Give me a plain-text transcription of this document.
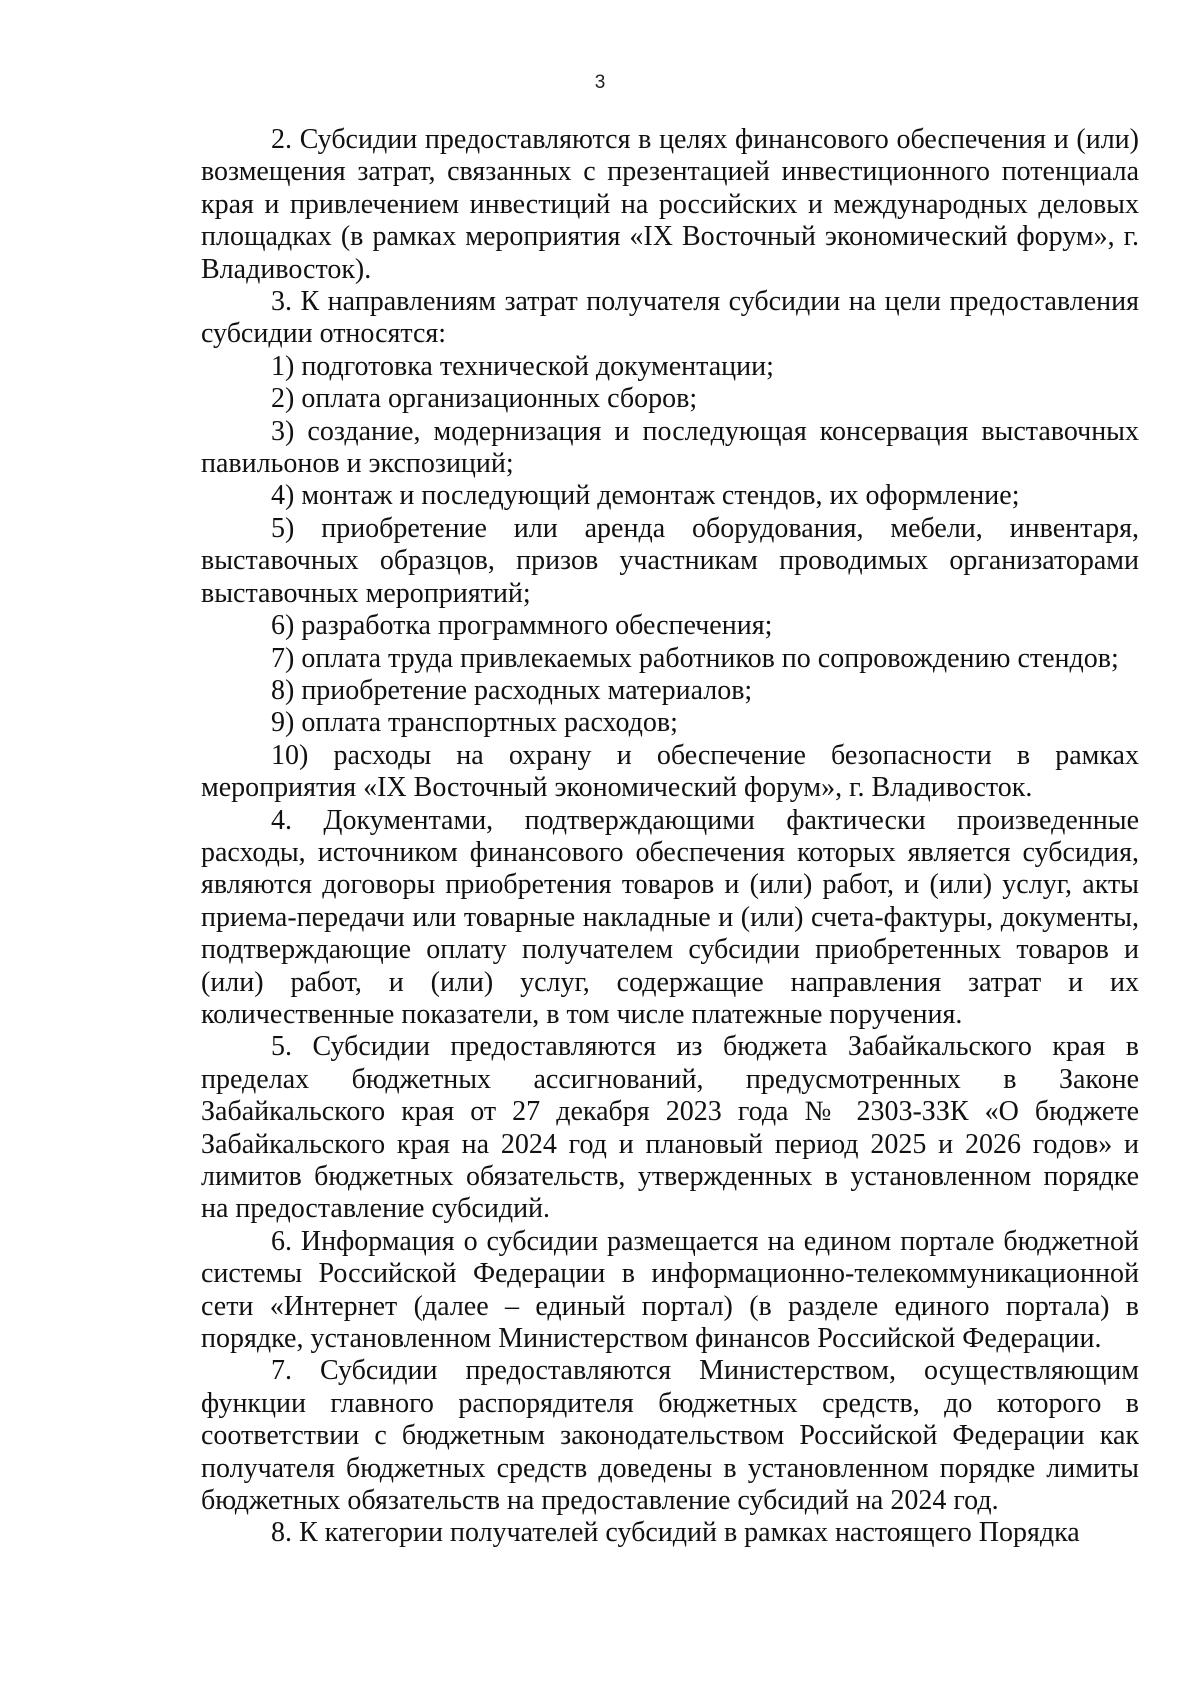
3

2. Субсидии предоставляются в целях финансового обеспечения и (или) возмещения затрат, связанных с презентацией инвестиционного потенциала края и привлечением инвестиций на российских и международных деловых площадках (в рамках мероприятия «IX Восточный экономический форум», г. Владивосток).

3. К направлениям затрат получателя субсидии на цели предоставления субсидии относятся:

1) подготовка технической документации;

2) оплата организационных сборов;

3) создание, модернизация и последующая консервация выставочных павильонов и экспозиций;

4) монтаж и последующий демонтаж стендов, их оформление;

5) приобретение или аренда оборудования, мебели, инвентаря, выставочных образцов, призов участникам проводимых организаторами выставочных мероприятий;

6) разработка программного обеспечения;

7) оплата труда привлекаемых работников по сопровождению стендов;

8) приобретение расходных материалов;

9) оплата транспортных расходов;

10) расходы на охрану и обеспечение безопасности в рамках мероприятия «IX Восточный экономический форум», г. Владивосток.

4. Документами, подтверждающими фактически произведенные расходы, источником финансового обеспечения которых является субсидия, являются договоры приобретения товаров и (или) работ, и (или) услуг, акты приема-передачи или товарные накладные и (или) счета-фактуры, документы, подтверждающие оплату получателем субсидии приобретенных товаров и (или) работ, и (или) услуг, содержащие направления затрат и их количественные показатели, в том числе платежные поручения.

5. Субсидии предоставляются из бюджета Забайкальского края в пределах бюджетных ассигнований, предусмотренных в Законе Забайкальского края от 27 декабря 2023 года № 2303-ЗЗК «О бюджете Забайкальского края на 2024 год и плановый период 2025 и 2026 годов» и лимитов бюджетных обязательств, утвержденных в установленном порядке на предоставление субсидий.

6. Информация о субсидии размещается на едином портале бюджетной системы Российской Федерации в информационно-телекоммуникационной сети «Интернет (далее – единый портал) (в разделе единого портала) в порядке, установленном Министерством финансов Российской Федерации.

7. Субсидии предоставляются Министерством, осуществляющим функции главного распорядителя бюджетных средств, до которого в соответствии с бюджетным законодательством Российской Федерации как получателя бюджетных средств доведены в установленном порядке лимиты бюджетных обязательств на предоставление субсидий на 2024 год.

8. К категории получателей субсидий в рамках настоящего Порядка
